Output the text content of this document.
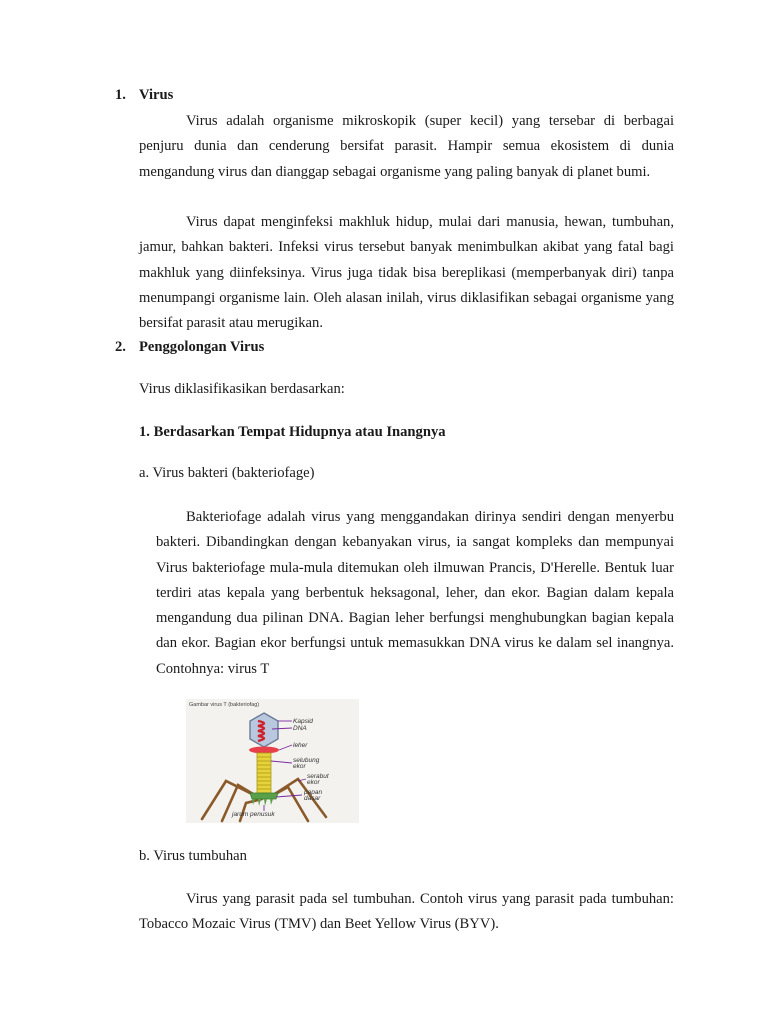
1. Virus

Virus adalah organisme mikroskopik (super kecil) yang tersebar di berbagai penjuru dunia dan cenderung bersifat parasit. Hampir semua ekosistem di dunia mengandung virus dan dianggap sebagai organisme yang paling banyak di planet bumi.

Virus dapat menginfeksi makhluk hidup, mulai dari manusia, hewan, tumbuhan, jamur, bahkan bakteri. Infeksi virus tersebut banyak menimbulkan akibat yang fatal bagi makhluk yang diinfeksinya. Virus juga tidak bisa bereplikasi (memperbanyak diri) tanpa menumpangi organisme lain. Oleh alasan inilah, virus diklasifikan sebagai organisme yang bersifat parasit atau merugikan.

2. Penggolongan Virus
Virus diklasifikasikan berdasarkan:
1. Berdasarkan Tempat Hidupnya atau Inangnya
a. Virus bakteri (bakteriofage)

Bakteriofage adalah virus yang menggandakan dirinya sendiri dengan menyerbu bakteri. Dibandingkan dengan kebanyakan virus, ia sangat kompleks dan mempunyai Virus bakteriofage mula-mula ditemukan oleh ilmuwan Prancis, D'Herelle. Bentuk luar terdiri atas kepala yang berbentuk heksagonal, leher, dan ekor. Bagian dalam kepala mengandung dua pilinan DNA. Bagian leher berfungsi menghubungkan bagian kepala dan ekor. Bagian ekor berfungsi untuk memasukkan DNA virus ke dalam sel inangnya. Contohnya: virus T

Gambar virus T (bakteriofag)
Kapsid
DNA
leher
selubung
ekor
serabut
ekor
papan
dasar
jarum penusuk
b. Virus tumbuhan

Virus yang parasit pada sel tumbuhan. Contoh virus yang parasit pada tumbuhan: Tobacco Mozaic Virus (TMV) dan Beet Yellow Virus (BYV).
